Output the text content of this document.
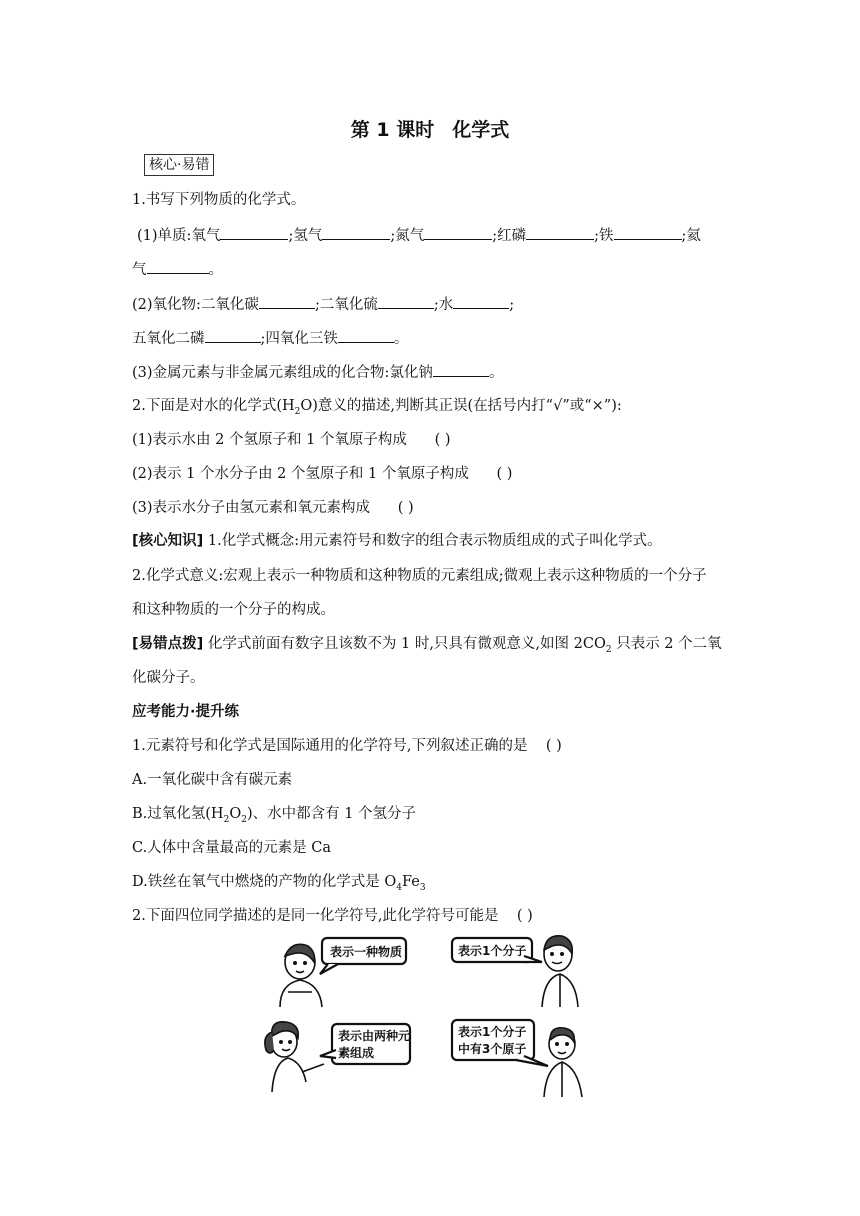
第 1 课时 化学式
核心·易错
1.书写下列物质的化学式。
(1)单质:氧气	;氢气	;氮气	;红磷	;铁	;氦
气	。
(2)氧化物:二氧化碳	;二氧化硫	;水	;
五氧化二磷	;四氧化三铁	。
(3)金属元素与非金属元素组成的化合物:氯化钠	。
2.下面是对水的化学式$(H_2O)$意义的描述,判断其正误(在括号内打“√”或“×”):
(1)表示水由 2 个氢原子和 1 个氧原子构成 ( )
(2)表示 1 个水分子由 2 个氢原子和 1 个氧原子构成 ( )
(3)表示水分子由氢元素和氧元素构成 ( )
[核心知识] 1.化学式概念:用元素符号和数字的组合表示物质组成的式子叫化学式。
2.化学式意义:宏观上表示一种物质和这种物质的元素组成;微观上表示这种物质的一个分子
和这种物质的一个分子的构成。
[易错点拨] 化学式前面有数字且该数不为 1 时,只具有微观意义,如图 $2CO_2$ 只表示 2 个二氧
化碳分子。
应考能力·提升练
1.元素符号和化学式是国际通用的化学符号,下列叙述正确的是 ( )
A.一氧化碳中含有碳元素
B.过氧化氢$(H_2O_2)$、水中都含有 1 个氢分子
C.人体中含量最高的元素是 Ca
D.铁丝在氧气中燃烧的产物的化学式是 $O_4Fe_3$
2.下面四位同学描述的是同一化学符号,此化学符号可能是 ( )
表示一种物质	表示1个分子
表示由两种元
素组成
表示1个分子
中有3个原子
